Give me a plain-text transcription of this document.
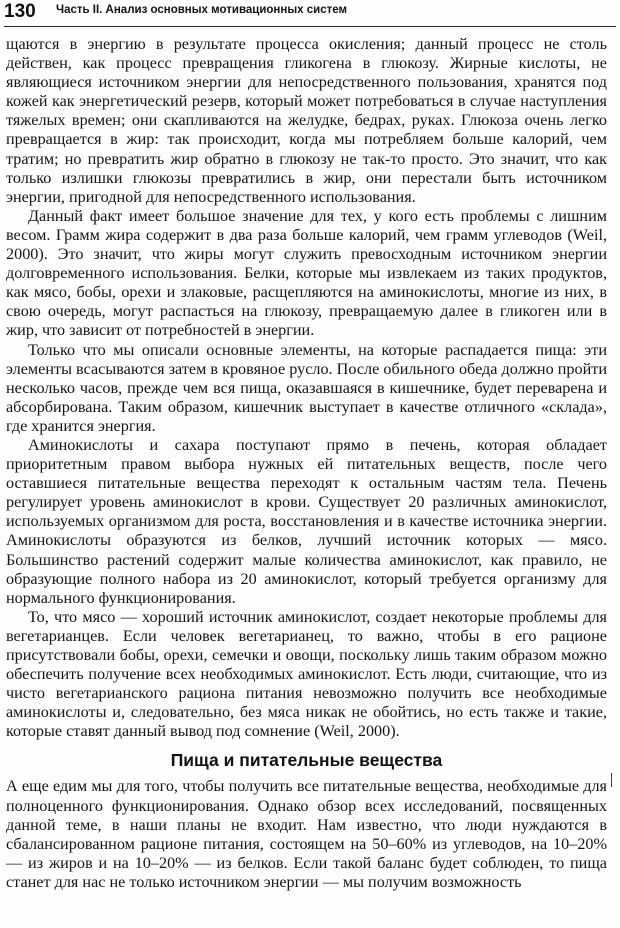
130 Часть II. Анализ основных мотивационных систем

щаются в энергию в результате процесса окисления; данный процесс не столь действен, как процесс превращения гликогена в глюкозу. Жирные кислоты, не являющиеся источником энергии для непосредственного пользования, хранятся под кожей как энергетический резерв, который может потребоваться в случае наступления тяжелых времен; они скапливаются на желудке, бедрах, руках. Глюкоза очень легко превращается в жир: так происходит, когда мы потребляем больше калорий, чем тратим; но превратить жир обратно в глюкозу не так-то просто. Это значит, что как только излишки глюкозы превратились в жир, они перестали быть источником энергии, пригодной для непосредственного использования.

Данный факт имеет большое значение для тех, у кого есть проблемы с лишним весом. Грамм жира содержит в два раза больше калорий, чем грамм углеводов (Weil, 2000). Это значит, что жиры могут служить превосходным источником энергии долговременного использования. Белки, которые мы извлекаем из таких продуктов, как мясо, бобы, орехи и злаковые, расщепляются на аминокислоты, многие из них, в свою очередь, могут распасться на глюкозу, превращаемую далее в гликоген или в жир, что зависит от потребностей в энергии.

Только что мы описали основные элементы, на которые распадается пища: эти элементы всасываются затем в кровяное русло. После обильного обеда должно пройти несколько часов, прежде чем вся пища, оказавшаяся в кишечнике, будет переварена и абсорбирована. Таким образом, кишечник выступает в качестве отличного «склада», где хранится энергия.

Аминокислоты и сахара поступают прямо в печень, которая обладает приоритетным правом выбора нужных ей питательных веществ, после чего оставшиеся питательные вещества переходят к остальным частям тела. Печень регулирует уровень аминокислот в крови. Существует 20 различных аминокислот, используемых организмом для роста, восстановления и в качестве источника энергии. Аминокислоты образуются из белков, лучший источник которых — мясо. Большинство растений содержит малые количества аминокислот, как правило, не образующие полного набора из 20 аминокислот, который требуется организму для нормального функционирования.

То, что мясо — хороший источник аминокислот, создает некоторые проблемы для вегетарианцев. Если человек вегетарианец, то важно, чтобы в его рационе присутствовали бобы, орехи, семечки и овощи, поскольку лишь таким образом можно обеспечить получение всех необходимых аминокислот. Есть люди, считающие, что из чисто вегетарианского рациона питания невозможно получить все необходимые аминокислоты и, следовательно, без мяса никак не обойтись, но есть также и такие, которые ставят данный вывод под сомнение (Weil, 2000).

Пища и питательные вещества

А еще едим мы для того, чтобы получить все питательные вещества, необходимые для полноценного функционирования. Однако обзор всех исследований, посвященных данной теме, в наши планы не входит. Нам известно, что люди нуждаются в сбалансированном рационе питания, состоящем на 50–60% из углеводов, на 10–20% — из жиров и на 10–20% — из белков. Если такой баланс будет соблюден, то пища станет для нас не только источником энергии — мы получим возможность
